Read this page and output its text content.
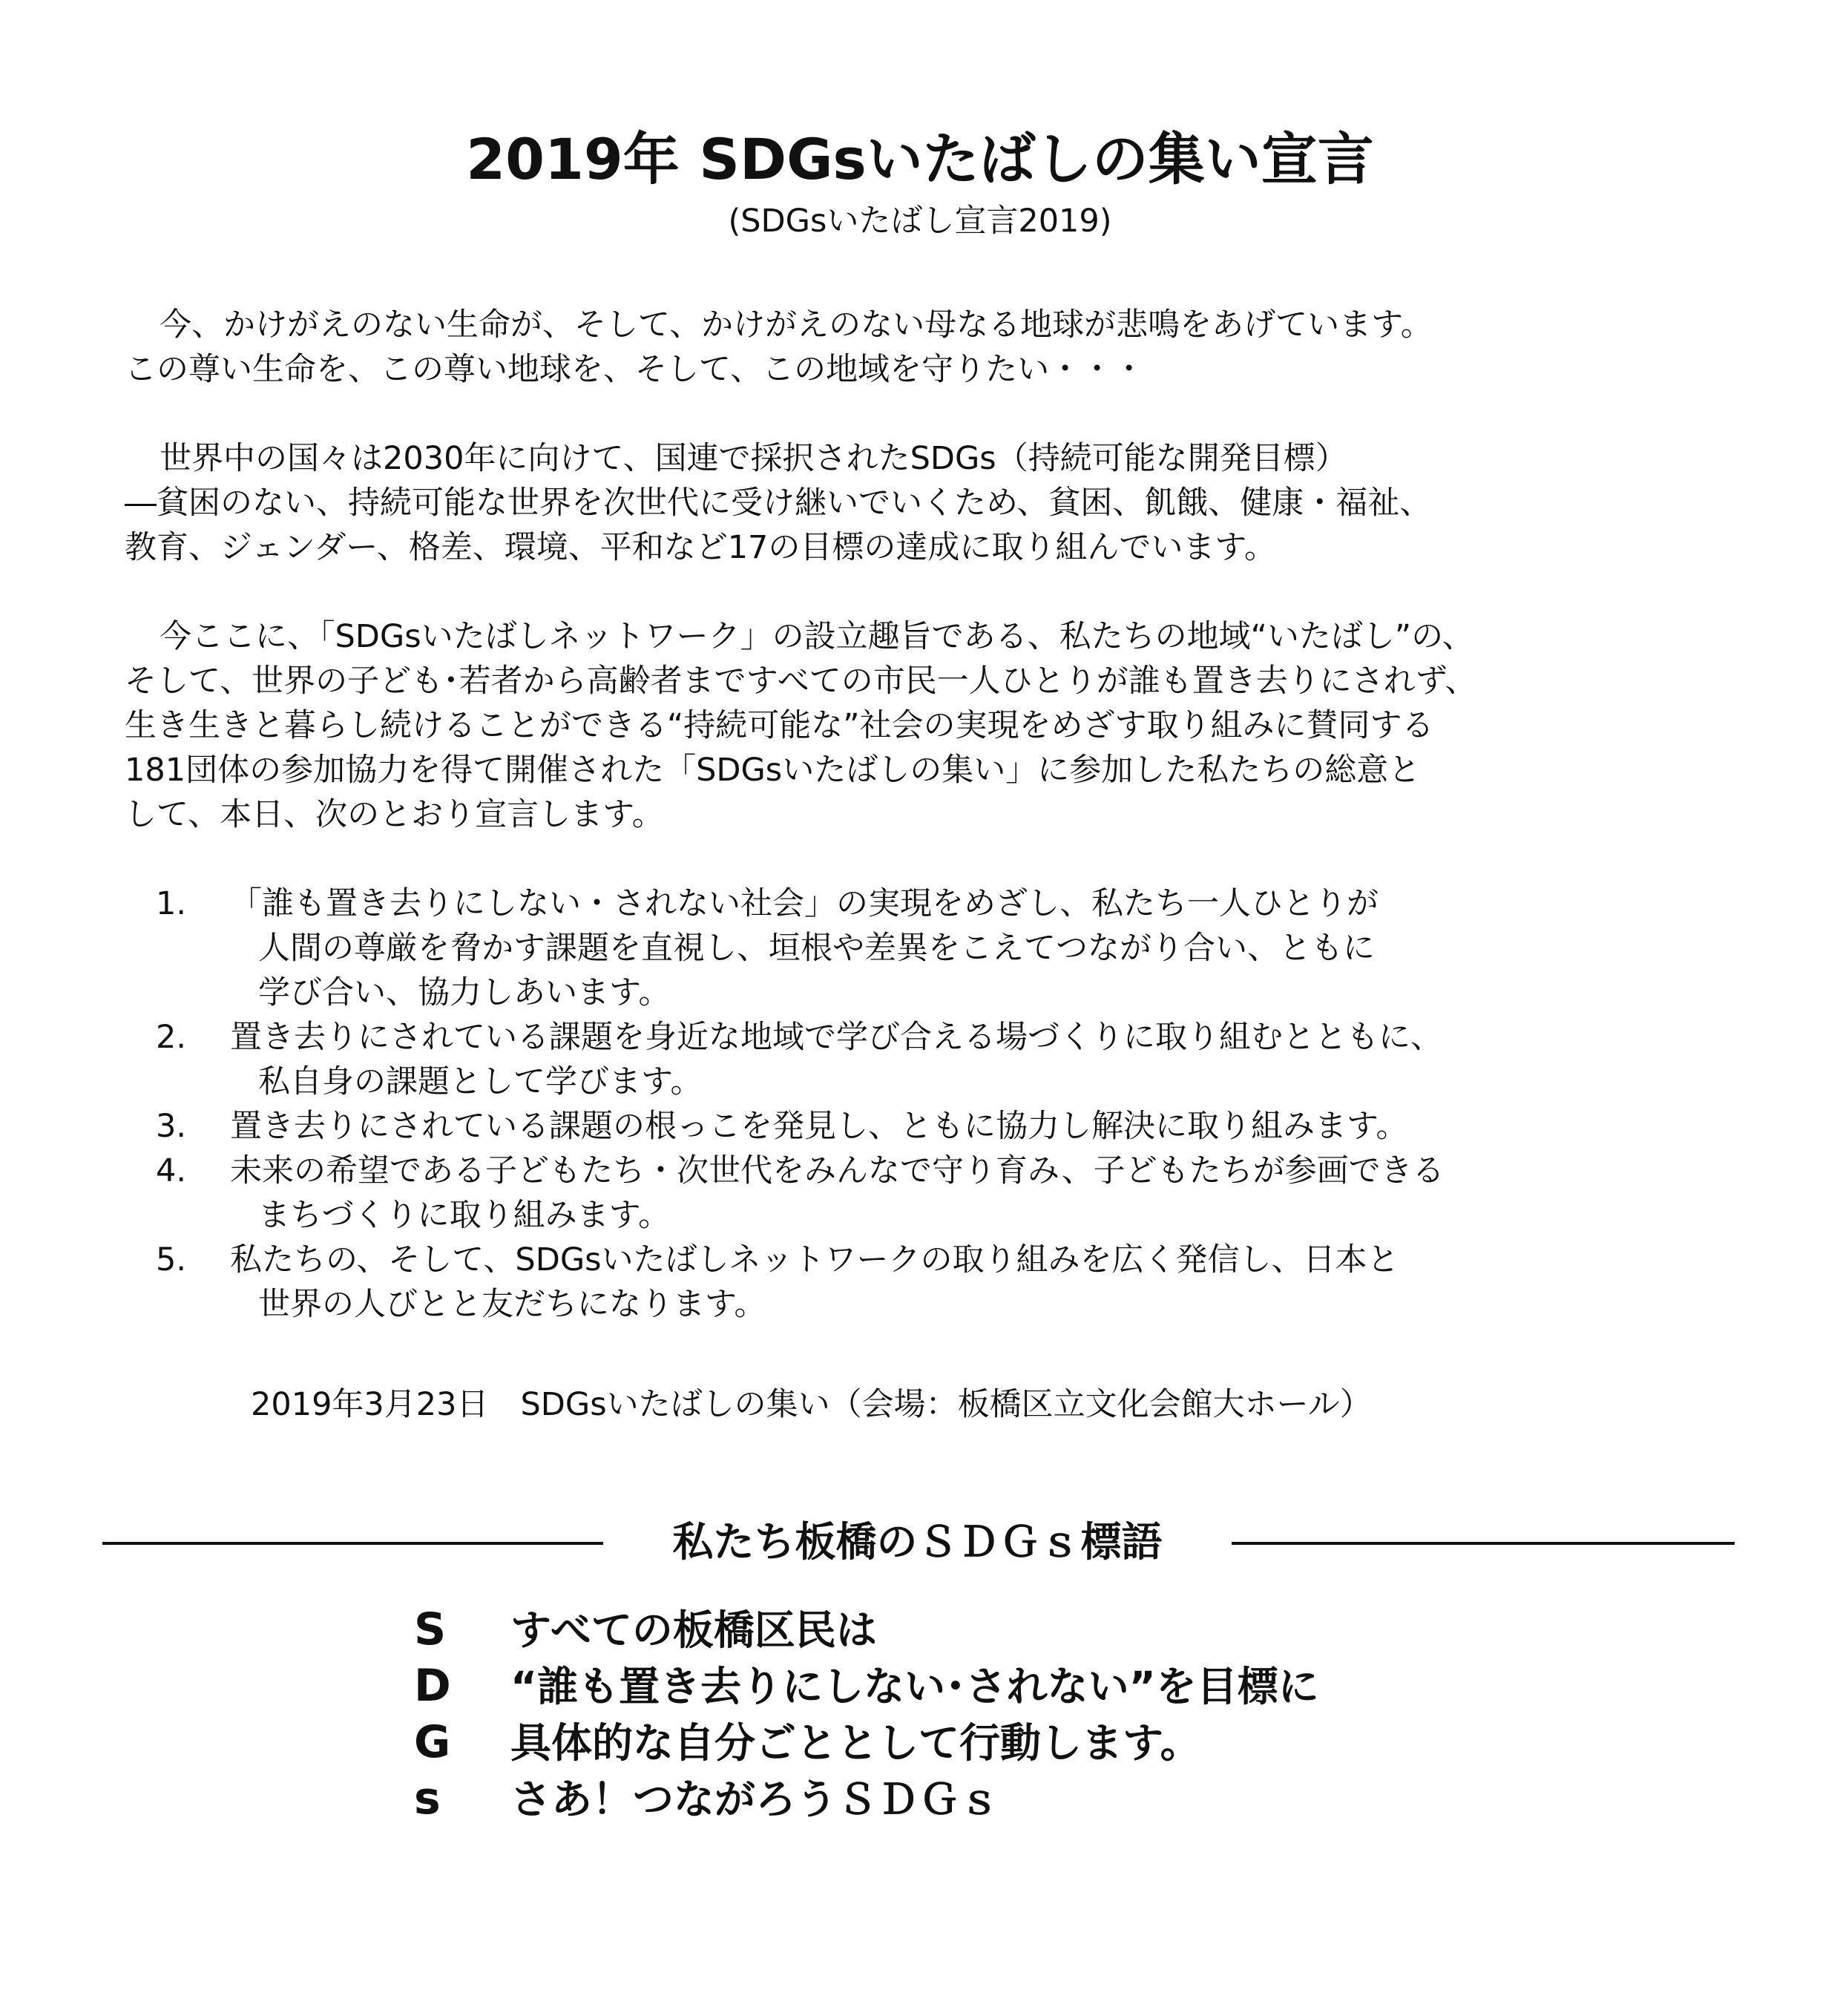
2019年 SDGsいたばしの集い宣言
(SDGsいたばし宣言2019)
今、かけがえのない生命が、そして、かけがえのない母なる地球が悲鳴をあげています。
この尊い生命を、この尊い地球を、そして、この地域を守りたい・・・
世界中の国々は2030年に向けて、国連で採択されたSDGs（持続可能な開発目標）
―貧困のない、持続可能な世界を次世代に受け継いでいくため、貧困、飢餓、健康・福祉、
教育、ジェンダー、格差、環境、平和など17の目標の達成に取り組んでいます。
今ここに、「SDGsいたばしネットワーク」の設立趣旨である、私たちの地域“いたばし”の、
そして、世界の子ども･若者から高齢者まですべての市民一人ひとりが誰も置き去りにされず、
生き生きと暮らし続けることができる“持続可能な”社会の実現をめざす取り組みに賛同する
181団体の参加協力を得て開催された「SDGsいたばしの集い」に参加した私たちの総意と
して、本日、次のとおり宣言します。
1. 「誰も置き去りにしない・されない社会」の実現をめざし、私たち一人ひとりが
人間の尊厳を脅かす課題を直視し、垣根や差異をこえてつながり合い、ともに
学び合い、協力しあいます。
2. 置き去りにされている課題を身近な地域で学び合える場づくりに取り組むとともに、
私自身の課題として学びます。
3. 置き去りにされている課題の根っこを発見し、ともに協力し解決に取り組みます。
4. 未来の希望である子どもたち・次世代をみんなで守り育み、子どもたちが参画できる
まちづくりに取り組みます。
5. 私たちの、そして、SDGsいたばしネットワークの取り組みを広く発信し、日本と
世界の人びとと友だちになります。
2019年3月23日　SDGsいたばしの集い（会場：板橋区立文化会館大ホール）
私たち板橋のＳＤＧｓ標語
S すべての板橋区民は
D “誰も置き去りにしない･されない”を目標に
G 具体的な自分ごととして行動します。
s さあ！つながろうＳＤＧｓ
